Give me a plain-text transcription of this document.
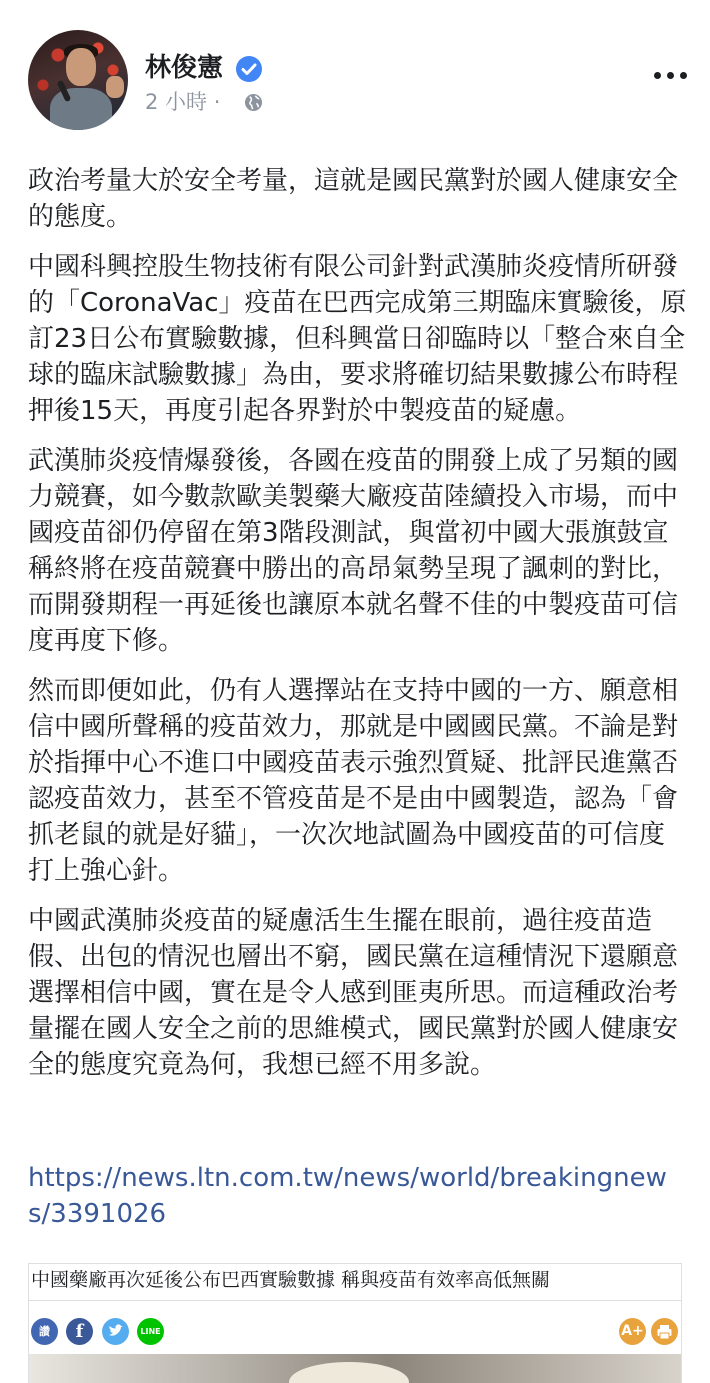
林俊憲
2 小時 ·

政治考量大於安全考量，這就是國民黨對於國人健康安全的態度。

中國科興控股生物技術有限公司針對武漢肺炎疫情所研發的「CoronaVac」疫苗在巴西完成第三期臨床實驗後，原訂23日公布實驗數據，但科興當日卻臨時以「整合來自全球的臨床試驗數據」為由，要求將確切結果數據公布時程押後15天，再度引起各界對於中製疫苗的疑慮。

武漢肺炎疫情爆發後，各國在疫苗的開發上成了另類的國力競賽，如今數款歐美製藥大廠疫苗陸續投入市場，而中國疫苗卻仍停留在第3階段測試，與當初中國大張旗鼓宣稱終將在疫苗競賽中勝出的高昂氣勢呈現了諷刺的對比，而開發期程一再延後也讓原本就名聲不佳的中製疫苗可信度再度下修。

然而即便如此，仍有人選擇站在支持中國的一方、願意相信中國所聲稱的疫苗效力，那就是中國國民黨。不論是對於指揮中心不進口中國疫苗表示強烈質疑、批評民進黨否認疫苗效力，甚至不管疫苗是不是由中國製造，認為「會抓老鼠的就是好貓」，一次次地試圖為中國疫苗的可信度打上強心針。

中國武漢肺炎疫苗的疑慮活生生擺在眼前，過往疫苗造假、出包的情況也層出不窮，國民黨在這種情況下還願意選擇相信中國，實在是令人感到匪夷所思。而這種政治考量擺在國人安全之前的思維模式，國民黨對於國人健康安全的態度究竟為何，我想已經不用多說。

https://news.ltn.com.tw/news/world/breakingnews/3391026
中國藥廠再次延後公布巴西實驗數據 稱與疫苗有效率高低無關
讚	f	LINE	A+
